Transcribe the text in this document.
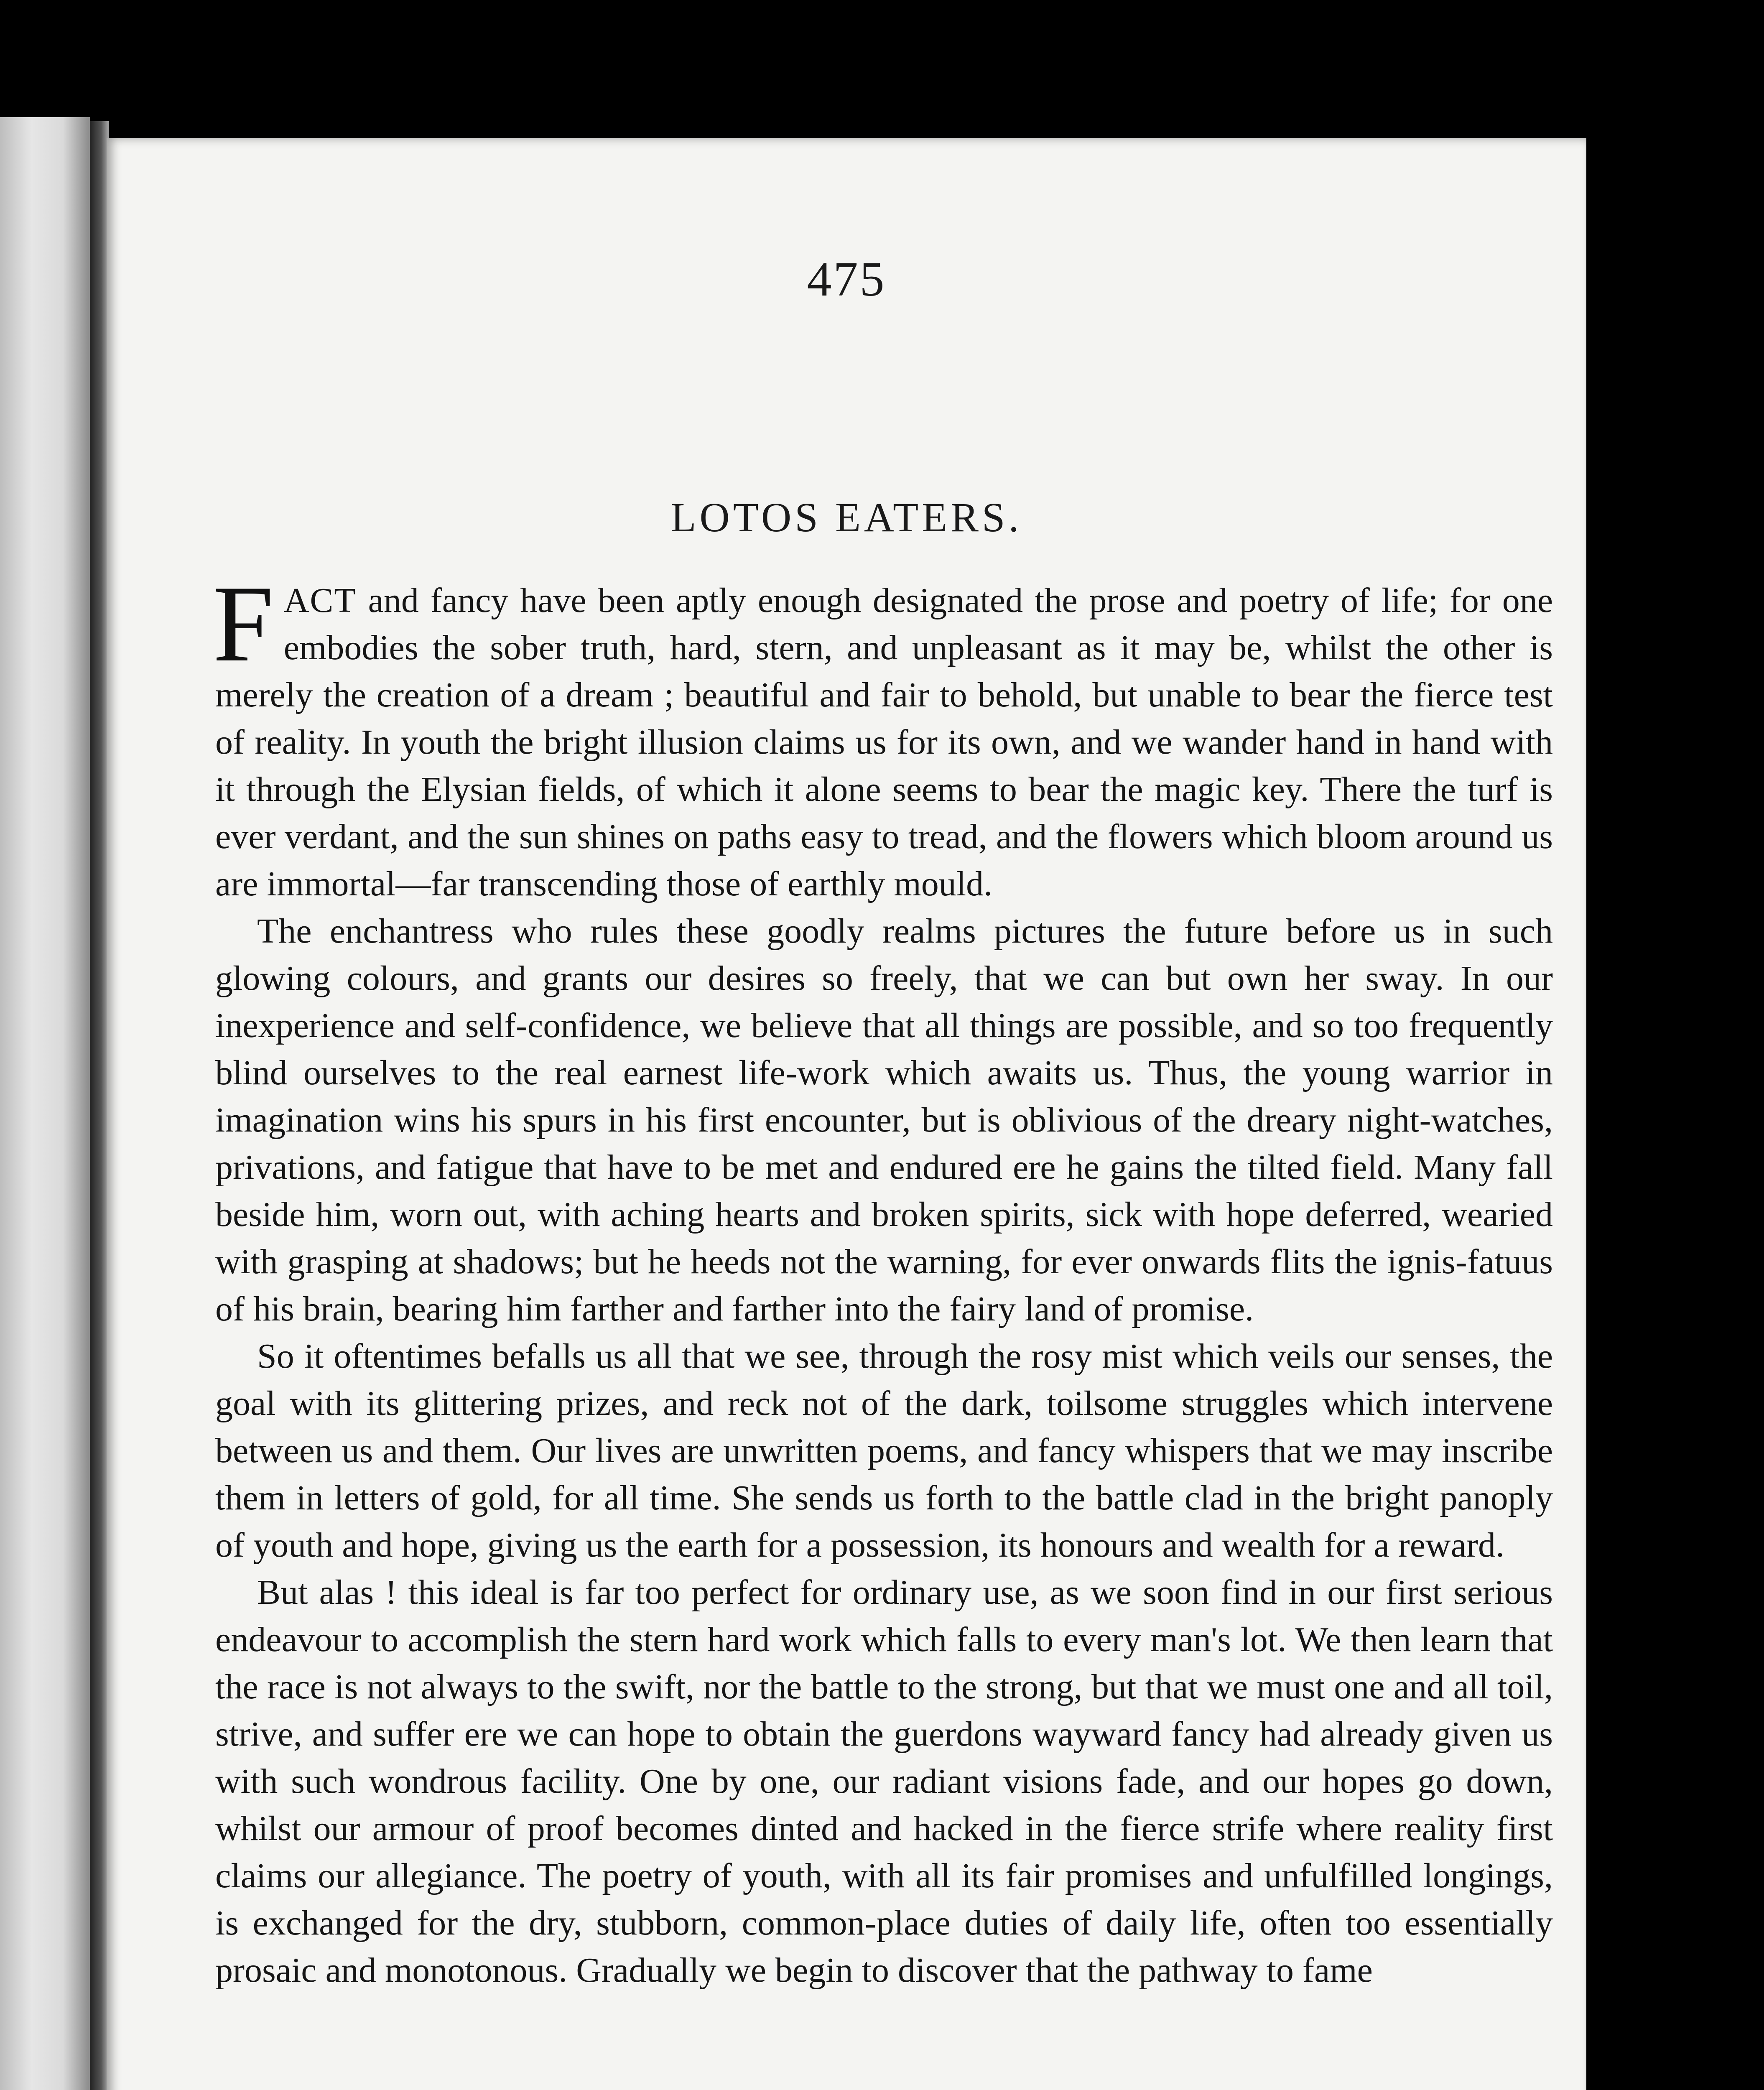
475
LOTOS EATERS.

FACT and fancy have been aptly enough designated the prose and poetry of life; for one embodies the sober truth, hard, stern, and unpleasant as it may be, whilst the other is merely the creation of a dream ; beautiful and fair to behold, but unable to bear the fierce test of reality. In youth the bright illusion claims us for its own, and we wander hand in hand with it through the Elysian fields, of which it alone seems to bear the magic key. There the turf is ever verdant, and the sun shines on paths easy to tread, and the flowers which bloom around us are immortal—far transcending those of earthly mould.

The enchantress who rules these goodly realms pictures the future before us in such glowing colours, and grants our desires so freely, that we can but own her sway. In our inexperience and self-confidence, we believe that all things are possible, and so too frequently blind ourselves to the real earnest life-work which awaits us. Thus, the young warrior in imagination wins his spurs in his first encounter, but is oblivious of the dreary night-watches, privations, and fatigue that have to be met and endured ere he gains the tilted field. Many fall beside him, worn out, with aching hearts and broken spirits, sick with hope deferred, wearied with grasping at shadows; but he heeds not the warning, for ever onwards flits the ignis-fatuus of his brain, bearing him farther and farther into the fairy land of promise.

So it oftentimes befalls us all that we see, through the rosy mist which veils our senses, the goal with its glittering prizes, and reck not of the dark, toilsome struggles which intervene between us and them. Our lives are unwritten poems, and fancy whispers that we may inscribe them in letters of gold, for all time. She sends us forth to the battle clad in the bright panoply of youth and hope, giving us the earth for a possession, its honours and wealth for a reward.

But alas ! this ideal is far too perfect for ordinary use, as we soon find in our first serious endeavour to accomplish the stern hard work which falls to every man's lot. We then learn that the race is not always to the swift, nor the battle to the strong, but that we must one and all toil, strive, and suffer ere we can hope to obtain the guerdons wayward fancy had already given us with such wondrous facility. One by one, our radiant visions fade, and our hopes go down, whilst our armour of proof becomes dinted and hacked in the fierce strife where reality first claims our allegiance. The poetry of youth, with all its fair promises and unfulfilled longings, is exchanged for the dry, stubborn, common-place duties of daily life, often too essentially prosaic and monotonous. Gradually we begin to discover that the pathway to fame
